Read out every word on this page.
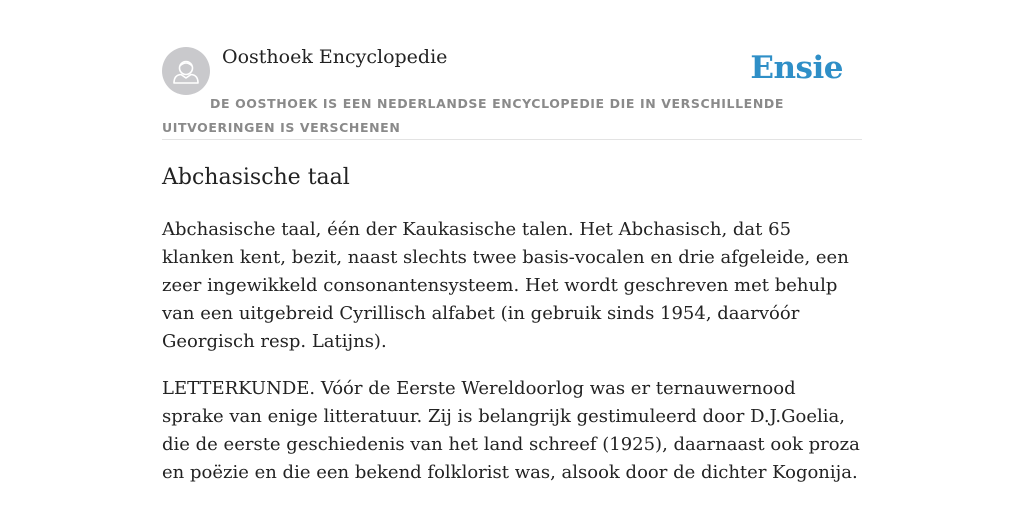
Oosthoek Encyclopedie	Ensie
DE OOSTHOEK IS EEN NEDERLANDSE ENCYCLOPEDIE DIE IN VERSCHILLENDE UITVOERINGEN IS VERSCHENEN
Abchasische taal

Abchasische taal, één der Kaukasische talen. Het Abchasisch, dat 65 klanken kent, bezit, naast slechts twee basis-vocalen en drie afgeleide, een zeer ingewikkeld consonantensysteem. Het wordt geschreven met behulp van een uitgebreid Cyrillisch alfabet (in gebruik sinds 1954, daarvóór Georgisch resp. Latijns).

LETTERKUNDE. Vóór de Eerste Wereldoorlog was er ternauwernood sprake van enige litteratuur. Zij is belangrijk gestimuleerd door D.J.Goelia, die de eerste geschiedenis van het land schreef (1925), daarnaast ook proza en poëzie en die een bekend folklorist was, alsook door de dichter Kogonija.
